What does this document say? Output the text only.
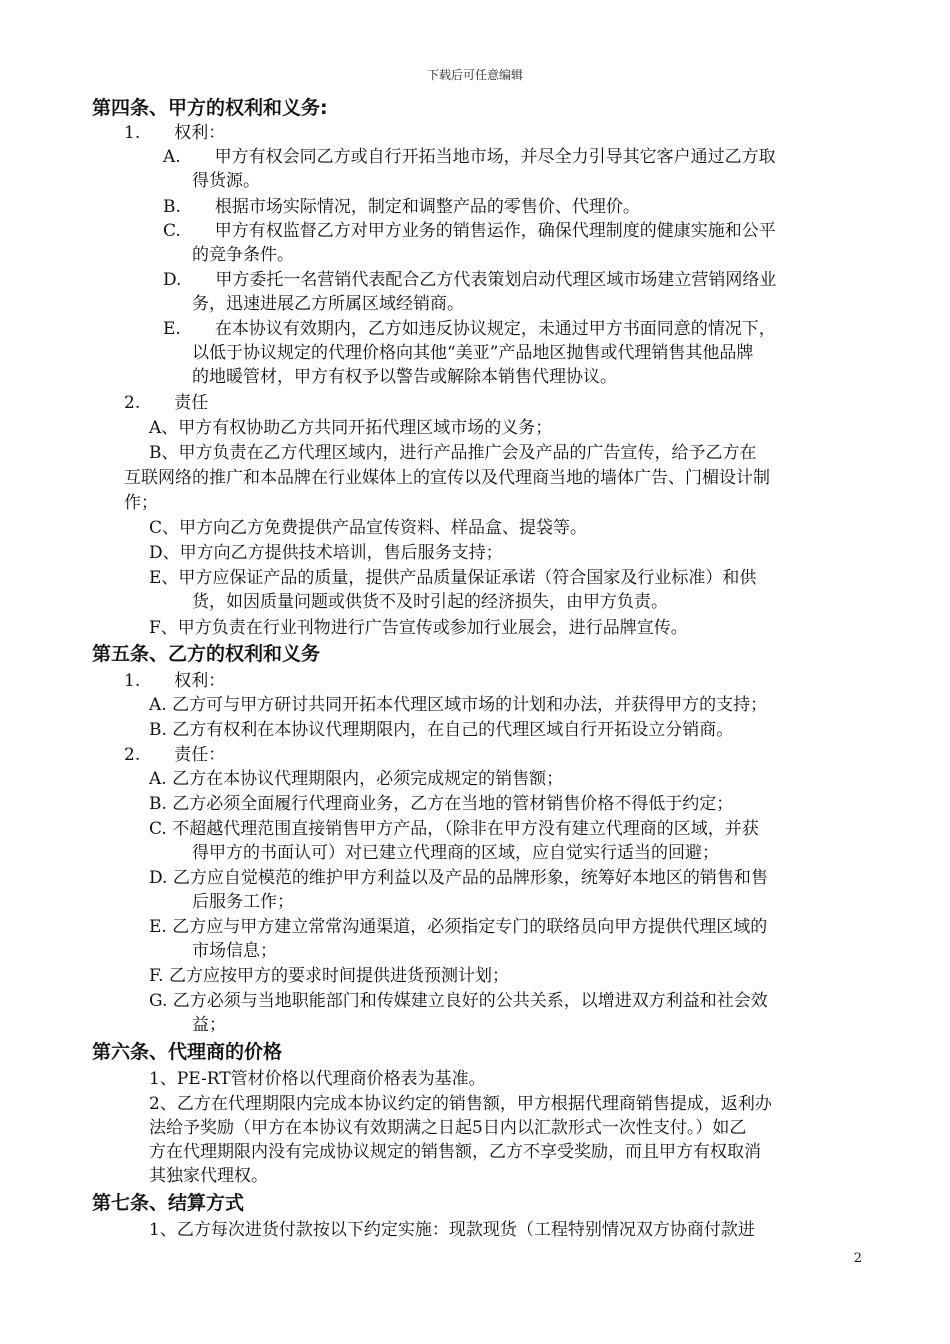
下载后可任意编辑
第四条、甲方的权利和义务:
1.　　权利：
A.　　甲方有权会同乙方或自行开拓当地市场，并尽全力引导其它客户通过乙方取
得货源。
B.　　根据市场实际情况，制定和调整产品的零售价、代理价。
C.　　甲方有权监督乙方对甲方业务的销售运作，确保代理制度的健康实施和公平
的竞争条件。
D.　　甲方委托一名营销代表配合乙方代表策划启动代理区域市场建立营销网络业
务，迅速进展乙方所属区域经销商。
E.　　在本协议有效期内，乙方如违反协议规定，未通过甲方书面同意的情况下，
以低于协议规定的代理价格向其他“美亚”产品地区抛售或代理销售其他品牌
的地暖管材，甲方有权予以警告或解除本销售代理协议。
2.　　责任
A、甲方有权协助乙方共同开拓代理区域市场的义务；
B、甲方负责在乙方代理区域内，进行产品推广会及产品的广告宣传，给予乙方在
互联网络的推广和本品牌在行业媒体上的宣传以及代理商当地的墙体广告、门楣设计制
作；
C、甲方向乙方免费提供产品宣传资料、样品盒、提袋等。
D、甲方向乙方提供技术培训，售后服务支持；
E、甲方应保证产品的质量，提供产品质量保证承诺（符合国家及行业标准）和供
货，如因质量问题或供货不及时引起的经济损失，由甲方负责。
F、甲方负责在行业刊物进行广告宣传或参加行业展会，进行品牌宣传。
第五条、乙方的权利和义务
1.　　权利：
A. 乙方可与甲方研讨共同开拓本代理区域市场的计划和办法，并获得甲方的支持；
B. 乙方有权利在本协议代理期限内，在自己的代理区域自行开拓设立分销商。
2.　　责任：
A. 乙方在本协议代理期限内，必须完成规定的销售额；
B. 乙方必须全面履行代理商业务，乙方在当地的管材销售价格不得低于约定；
C. 不超越代理范围直接销售甲方产品，（除非在甲方没有建立代理商的区域，并获
得甲方的书面认可）对已建立代理商的区域，应自觉实行适当的回避；
D. 乙方应自觉模范的维护甲方利益以及产品的品牌形象，统筹好本地区的销售和售
后服务工作；
E. 乙方应与甲方建立常常沟通渠道，必须指定专门的联络员向甲方提供代理区域的
市场信息；
F. 乙方应按甲方的要求时间提供进货预测计划；
G. 乙方必须与当地职能部门和传媒建立良好的公共关系，以增进双方利益和社会效
益；
第六条、代理商的价格
1、PE-RT管材价格以代理商价格表为基准。
2、乙方在代理期限内完成本协议约定的销售额，甲方根据代理商销售提成，返利办
法给予奖励（甲方在本协议有效期满之日起5日内以汇款形式一次性支付。）如乙
方在代理期限内没有完成协议规定的销售额，乙方不享受奖励，而且甲方有权取消
其独家代理权。
第七条、结算方式
1、乙方每次进货付款按以下约定实施：现款现货（工程特别情况双方协商付款进
2
